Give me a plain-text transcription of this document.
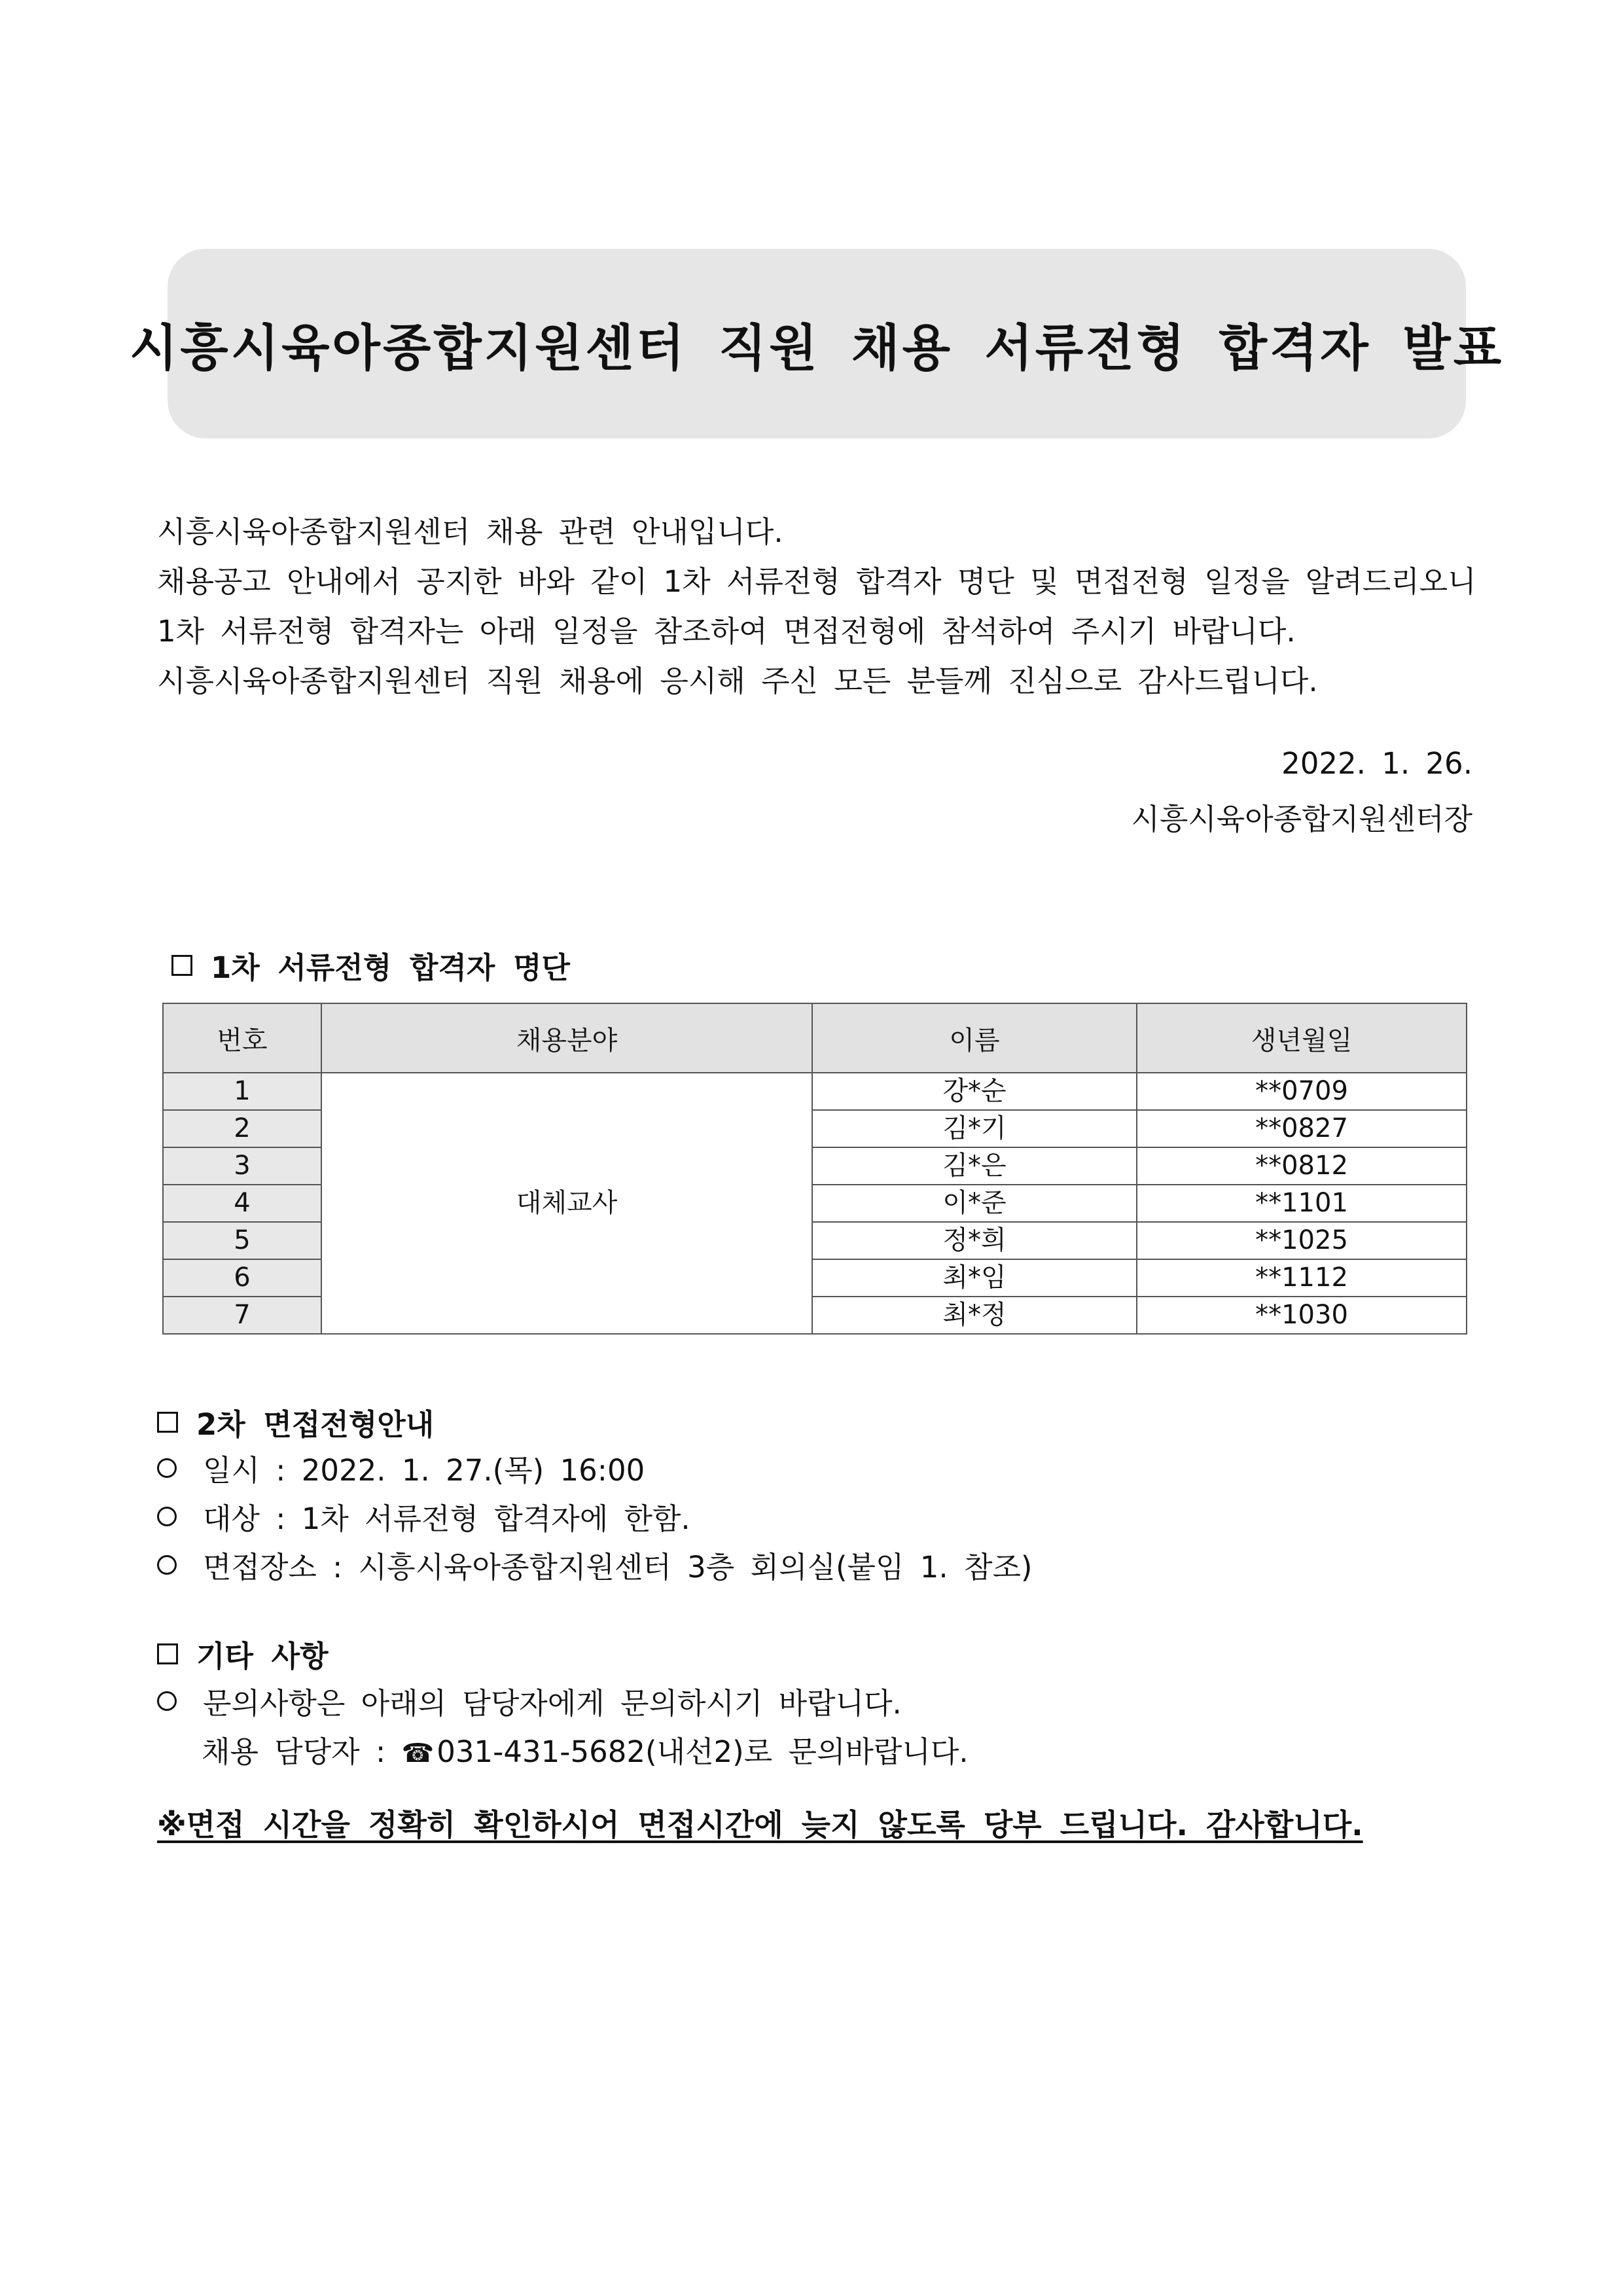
시흥시육아종합지원센터 직원 채용 서류전형 합격자 발표

시흥시육아종합지원센터 채용 관련 안내입니다.

채용공고 안내에서 공지한 바와 같이 1차 서류전형 합격자 명단 및 면접전형 일정을 알려드리오니

1차 서류전형 합격자는 아래 일정을 참조하여 면접전형에 참석하여 주시기 바랍니다.

시흥시육아종합지원센터 직원 채용에 응시해 주신 모든 분들께 진심으로 감사드립니다.

2022. 1. 26.
시흥시육아종합지원센터장
1차 서류전형 합격자 명단
번호	채용분야	이름	생년월일
1	대체교사	강*순	**0709
2		김*기	**0827
3		김*은	**0812
4		이*준	**1101
5		정*희	**1025
6		최*임	**1112
7		최*정	**1030
2차 면접전형안내
일시 : 2022. 1. 27.(목) 16:00
대상 : 1차 서류전형 합격자에 한함.
면접장소 : 시흥시육아종합지원센터 3층 회의실(붙임 1. 참조)
기타 사항
문의사항은 아래의 담당자에게 문의하시기 바랍니다.
채용 담당자 : ☎031-431-5682(내선2)로 문의바랍니다.
※면접 시간을 정확히 확인하시어 면접시간에 늦지 않도록 당부 드립니다. 감사합니다.
